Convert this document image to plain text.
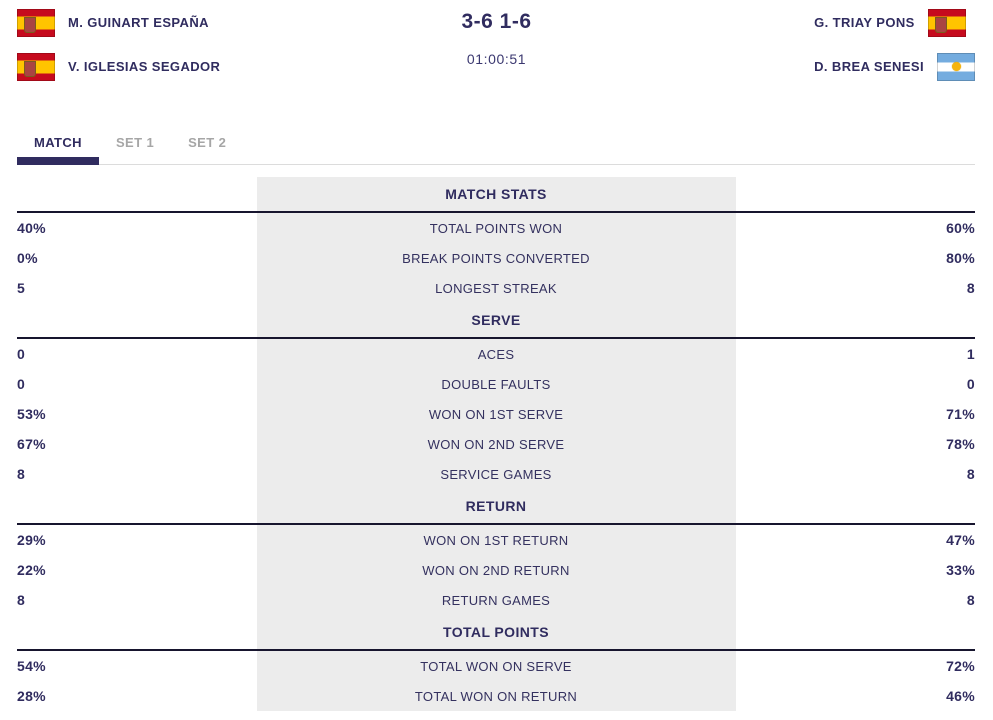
M. GUINART ESPAÑA
V. IGLESIAS SEGADOR
G. TRIAY PONS
D. BREA SENESI
3-6 1-6
01:00:51
MATCH	SET 1	SET 2
MATCH STATS
40%	TOTAL POINTS WON	60%
0%	BREAK POINTS CONVERTED	80%
5	LONGEST STREAK	8
SERVE
0	ACES	1
0	DOUBLE FAULTS	0
53%	WON ON 1ST SERVE	71%
67%	WON ON 2ND SERVE	78%
8	SERVICE GAMES	8
RETURN
29%	WON ON 1ST RETURN	47%
22%	WON ON 2ND RETURN	33%
8	RETURN GAMES	8
TOTAL POINTS
54%	TOTAL WON ON SERVE	72%
28%	TOTAL WON ON RETURN	46%
